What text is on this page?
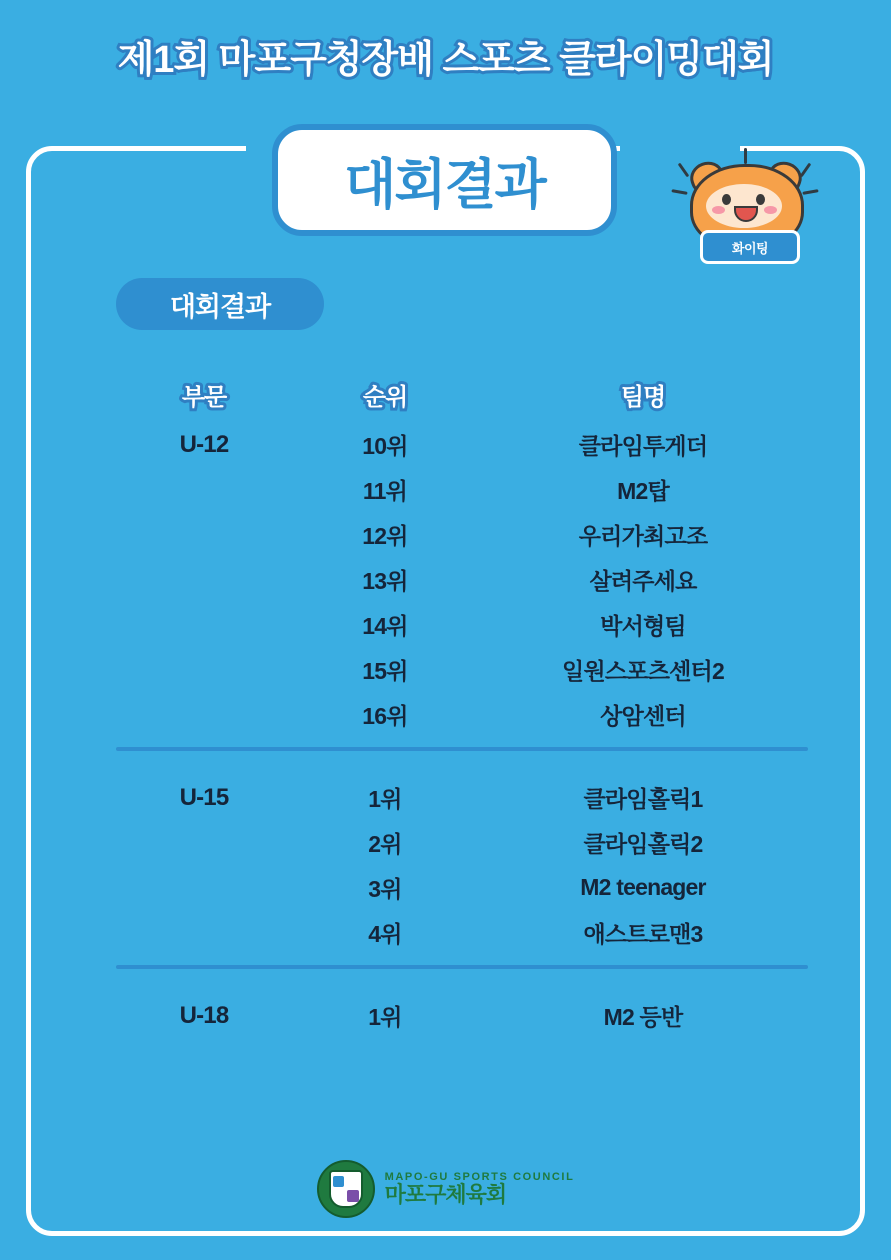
제1회 마포구청장배 스포츠 클라이밍대회
대회결과
화이팅
대회결과
부문	순위	팀명
U-12	10위	클라임투게더
11위	M2탑
12위	우리가최고조
13위	살려주세요
14위	박서형팀
15위	일원스포츠센터2
16위	상암센터
U-15	1위	클라임홀릭1
2위	클라임홀릭2
3위	M2 teenager
4위	애스트로맨3
U-18	1위	M2 등반
MAPO-GU SPORTS COUNCIL
마포구체육회
